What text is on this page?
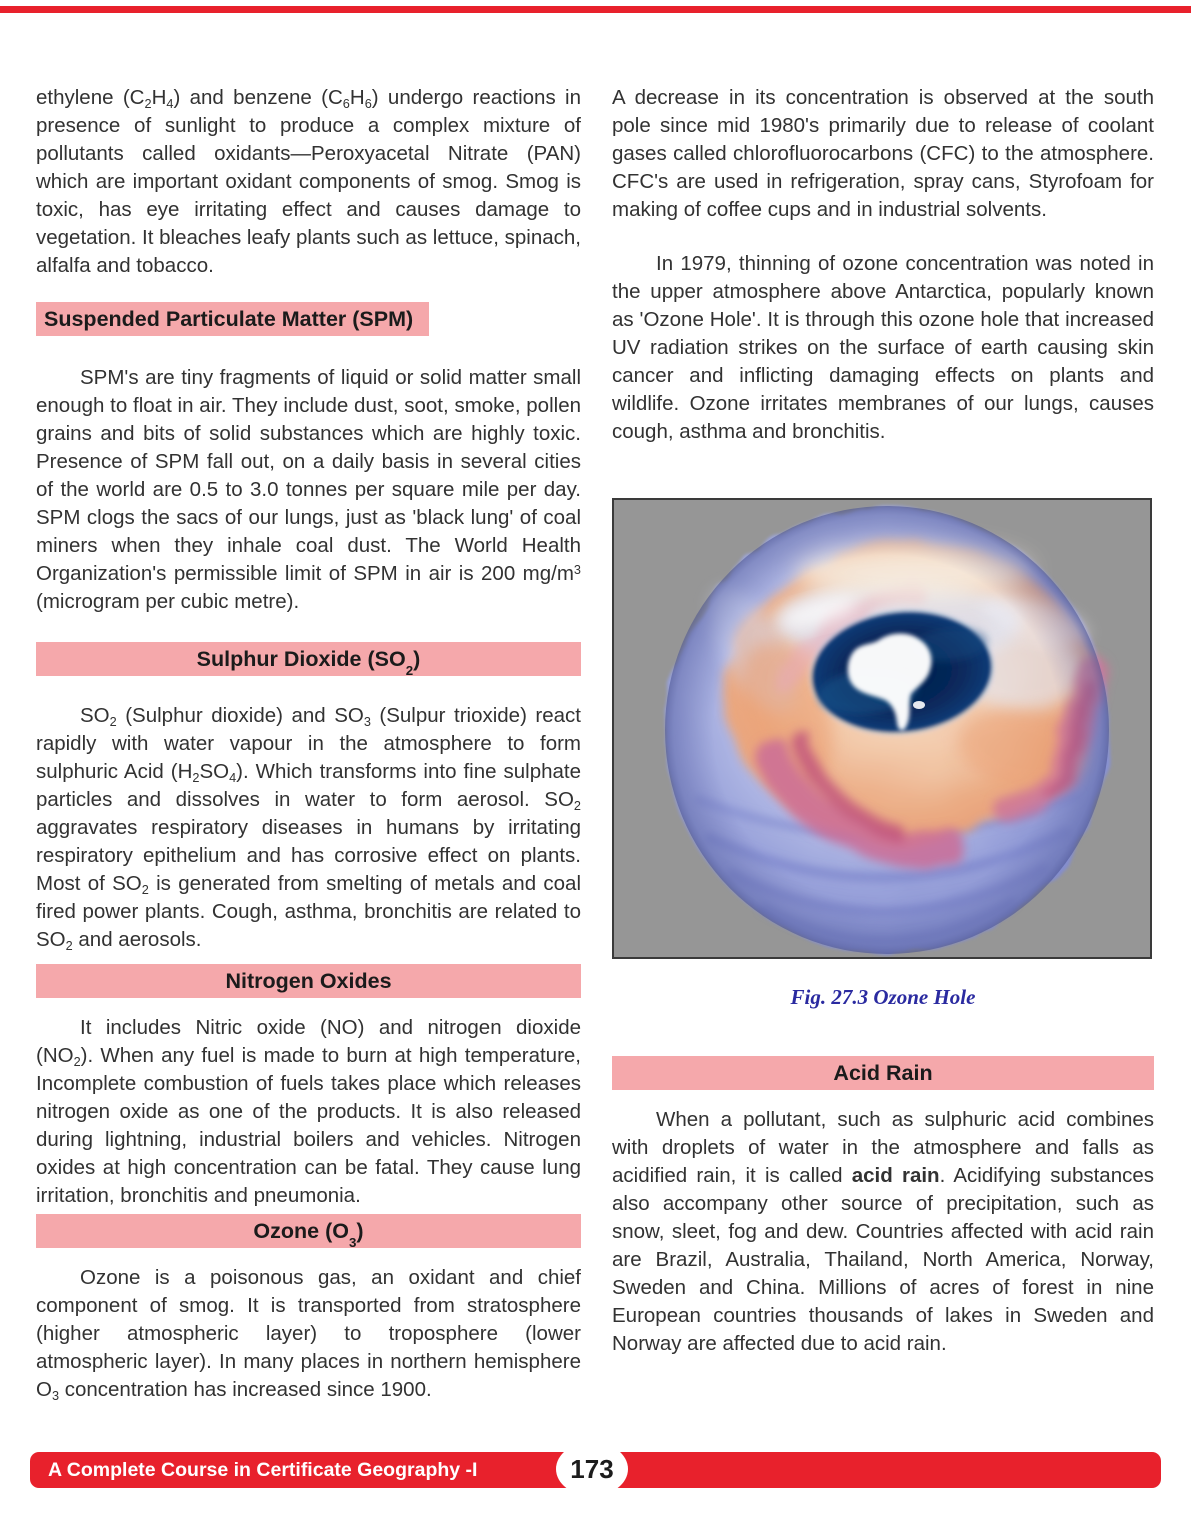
ethylene $(C_2H_4)$ and benzene $(C_6H_6)$ undergo reactions in presence of sunlight to produce a complex mixture of pollutants called oxidants—Peroxyacetal Nitrate (PAN) which are important oxidant components of smog. Smog is toxic, has eye irritating effect and causes damage to vegetation. It bleaches leafy plants such as lettuce, spinach, alfalfa and tobacco.

Suspended Particulate Matter (SPM)

SPM's are tiny fragments of liquid or solid matter small enough to float in air. They include dust, soot, smoke, pollen grains and bits of solid substances which are highly toxic. Presence of SPM fall out, on a daily basis in several cities of the world are 0.5 to 3.0 tonnes per square mile per day. SPM clogs the sacs of our lungs, just as 'black lung' of coal miners when they inhale coal dust. The World Health Organization's permissible limit of SPM in air is 200 $mg/m^3$ (microgram per cubic metre).

Sulphur Dioxide $(SO_2)$

$SO_2$ (Sulphur dioxide) and $SO_3$ (Sulpur trioxide) react rapidly with water vapour in the atmosphere to form sulphuric Acid $(H_2SO_4)$. Which transforms into fine sulphate particles and dissolves in water to form aerosol. $SO_2$ aggravates respiratory diseases in humans by irritating respiratory epithelium and has corrosive effect on plants. Most of $SO_2$ is generated from smelting of metals and coal fired power plants. Cough, asthma, bronchitis are related to $SO_2$ and aerosols.

Nitrogen Oxides

It includes Nitric oxide (NO) and nitrogen dioxide $(NO_2)$. When any fuel is made to burn at high temperature, Incomplete combustion of fuels takes place which releases nitrogen oxide as one of the products. It is also released during lightning, industrial boilers and vehicles. Nitrogen oxides at high concentration can be fatal. They cause lung irritation, bronchitis and pneumonia.

Ozone $(O_3)$

Ozone is a poisonous gas, an oxidant and chief component of smog. It is transported from stratosphere (higher atmospheric layer) to troposphere (lower atmospheric layer). In many places in northern hemisphere $O_3$ concentration has increased since 1900.

A decrease in its concentration is observed at the south pole since mid 1980's primarily due to release of coolant gases called chlorofluorocarbons (CFC) to the atmosphere. CFC's are used in refrigeration, spray cans, Styrofoam for making of coffee cups and in industrial solvents.

In 1979, thinning of ozone concentration was noted in the upper atmosphere above Antarctica, popularly known as 'Ozone Hole'. It is through this ozone hole that increased UV radiation strikes on the surface of earth causing skin cancer and inflicting damaging effects on plants and wildlife. Ozone irritates membranes of our lungs, causes cough, asthma and bronchitis.

Fig. 27.3 Ozone Hole
Acid Rain

When a pollutant, such as sulphuric acid combines with droplets of water in the atmosphere and falls as acidified rain, it is called acid rain. Acidifying substances also accompany other source of precipitation, such as snow, sleet, fog and dew. Countries affected with acid rain are Brazil, Australia, Thailand, North America, Norway, Sweden and China. Millions of acres of forest in nine European countries thousands of lakes in Sweden and Norway are affected due to acid rain.

A Complete Course in Certificate Geography -I	173
